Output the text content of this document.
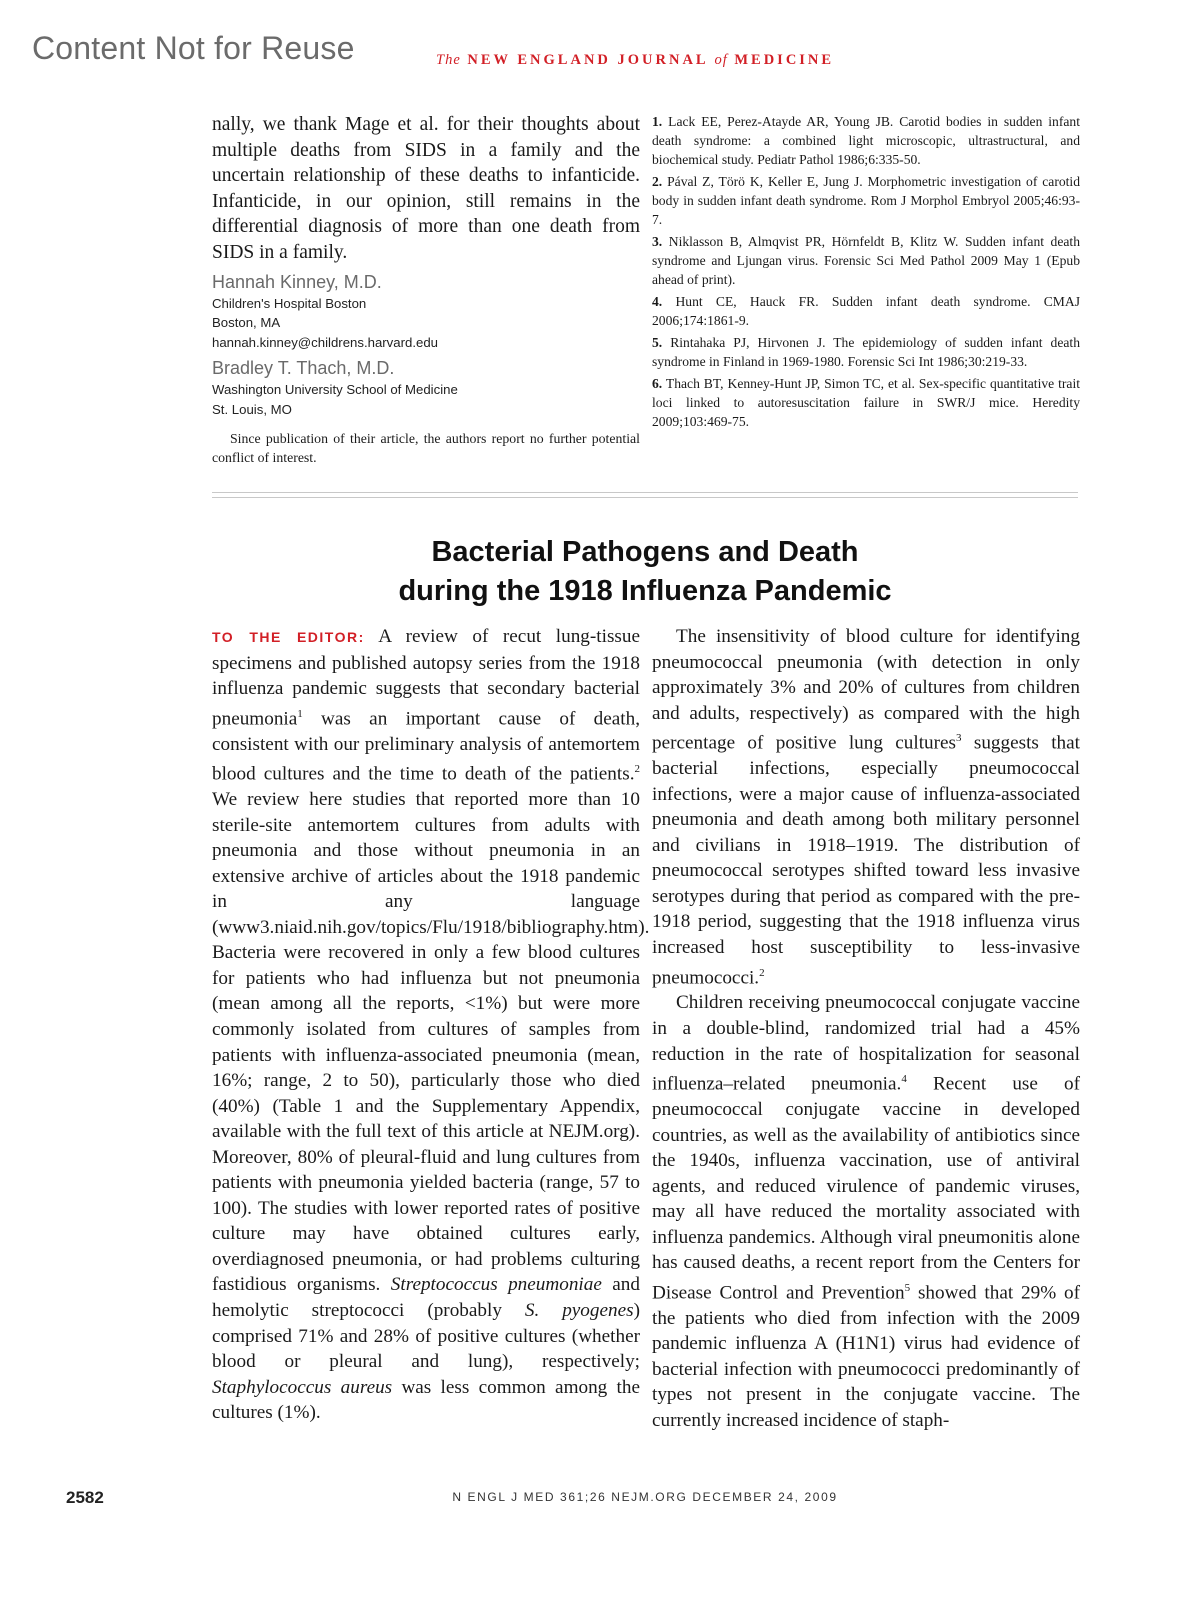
Content Not for Reuse	The NEW ENGLAND JOURNAL of MEDICINE

nally, we thank Mage et al. for their thoughts about multiple deaths from SIDS in a family and the uncertain relationship of these deaths to infanticide. Infanticide, in our opinion, still remains in the differential diagnosis of more than one death from SIDS in a family.

Hannah Kinney, M.D.
Children's Hospital Boston
Boston, MA
hannah.kinney@childrens.harvard.edu
Bradley T. Thach, M.D.
Washington University School of Medicine
St. Louis, MO
Since publication of their article, the authors report no further potential conflict of interest.

1. Lack EE, Perez-Atayde AR, Young JB. Carotid bodies in sudden infant death syndrome: a combined light microscopic, ultrastructural, and biochemical study. Pediatr Pathol 1986;6:335-50.

2. Pával Z, Törö K, Keller E, Jung J. Morphometric investigation of carotid body in sudden infant death syndrome. Rom J Morphol Embryol 2005;46:93-7.

3. Niklasson B, Almqvist PR, Hörnfeldt B, Klitz W. Sudden infant death syndrome and Ljungan virus. Forensic Sci Med Pathol 2009 May 1 (Epub ahead of print).

4. Hunt CE, Hauck FR. Sudden infant death syndrome. CMAJ 2006;174:1861-9.

5. Rintahaka PJ, Hirvonen J. The epidemiology of sudden infant death syndrome in Finland in 1969-1980. Forensic Sci Int 1986;30:219-33.

6. Thach BT, Kenney-Hunt JP, Simon TC, et al. Sex-specific quantitative trait loci linked to autoresuscitation failure in SWR/J mice. Heredity 2009;103:469-75.

Bacterial Pathogens and Death
during the 1918 Influenza Pandemic

TO THE EDITOR: A review of recut lung-tissue specimens and published autopsy series from the 1918 influenza pandemic suggests that secondary bacterial pneumonia$^1$ was an important cause of death, consistent with our preliminary analysis of antemortem blood cultures and the time to death of the patients.$^2$ We review here studies that reported more than 10 sterile-site antemortem cultures from adults with pneumonia and those without pneumonia in an extensive archive of articles about the 1918 pandemic in any language (www3.niaid.nih.gov/topics/Flu/1918/bibliography.htm). Bacteria were recovered in only a few blood cultures for patients who had influenza but not pneumonia (mean among all the reports, <1%) but were more commonly isolated from cultures of samples from patients with influenza-associated pneumonia (mean, 16%; range, 2 to 50), particularly those who died (40%) (Table 1 and the Supplementary Appendix, available with the full text of this article at NEJM.org). Moreover, 80% of pleural-fluid and lung cultures from patients with pneumonia yielded bacteria (range, 57 to 100). The studies with lower reported rates of positive culture may have obtained cultures early, overdiagnosed pneumonia, or had problems culturing fastidious organisms. Streptococcus pneumoniae and hemolytic streptococci (probably S. pyogenes) comprised 71% and 28% of positive cultures (whether blood or pleural and lung), respectively; Staphylococcus aureus was less common among the cultures (1%).

The insensitivity of blood culture for identifying pneumococcal pneumonia (with detection in only approximately 3% and 20% of cultures from children and adults, respectively) as compared with the high percentage of positive lung cultures$^3$ suggests that bacterial infections, especially pneumococcal infections, were a major cause of influenza-associated pneumonia and death among both military personnel and civilians in 1918–1919. The distribution of pneumococcal serotypes shifted toward less invasive serotypes during that period as compared with the pre-1918 period, suggesting that the 1918 influenza virus increased host susceptibility to less-invasive pneumococci.$^2$

Children receiving pneumococcal conjugate vaccine in a double-blind, randomized trial had a 45% reduction in the rate of hospitalization for seasonal influenza–related pneumonia.$^4$ Recent use of pneumococcal conjugate vaccine in developed countries, as well as the availability of antibiotics since the 1940s, influenza vaccination, use of antiviral agents, and reduced virulence of pandemic viruses, may all have reduced the mortality associated with influenza pandemics. Although viral pneumonitis alone has caused deaths, a recent report from the Centers for Disease Control and Prevention$^5$ showed that 29% of the patients who died from infection with the 2009 pandemic influenza A (H1N1) virus had evidence of bacterial infection with pneumococci predominantly of types not present in the conjugate vaccine. The currently increased incidence of staph-

2582	N ENGL J MED 361;26 NEJM.ORG DECEMBER 24, 2009
